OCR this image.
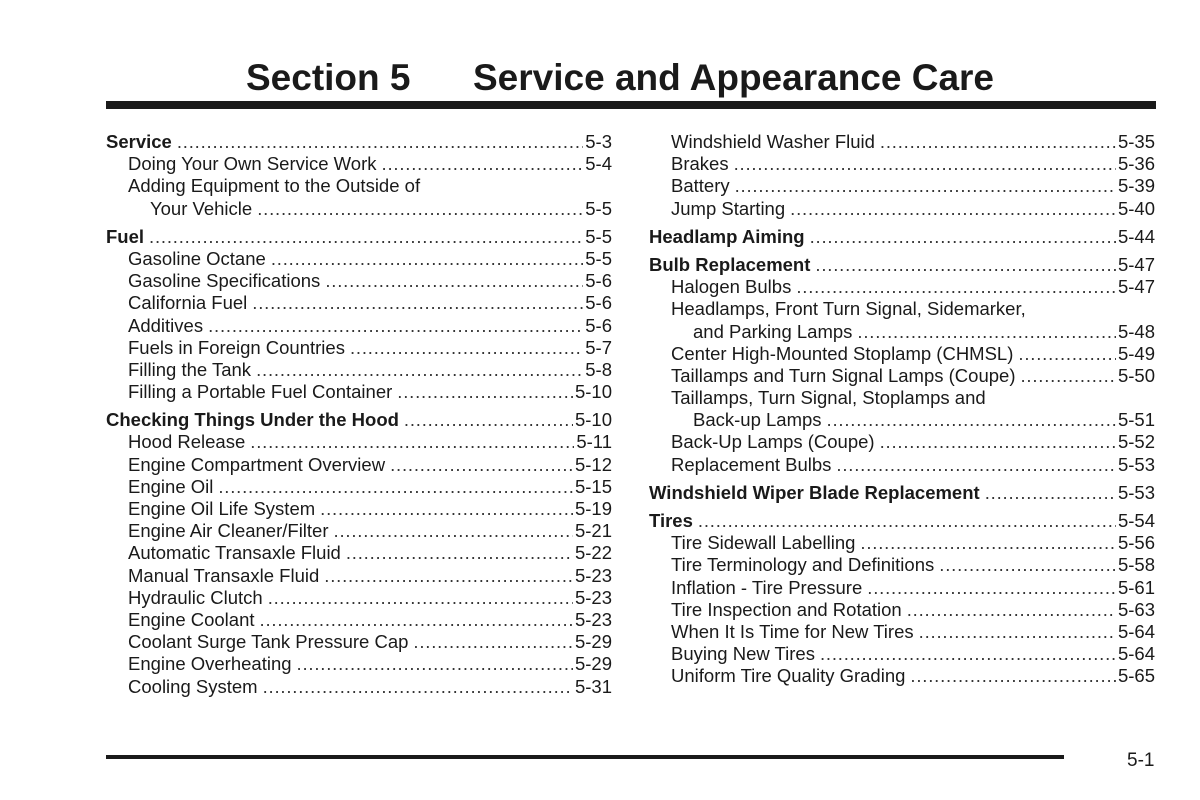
Section 5 Service and Appearance Care
Service .....	5-3
Doing Your Own Service Work .....	5-4
Adding Equipment to the Outside of
Your Vehicle .....	5-5
Fuel .....	5-5
Gasoline Octane .....	5-5
Gasoline Specifications .....	5-6
California Fuel .....	5-6
Additives .....	5-6
Fuels in Foreign Countries .....	5-7
Filling the Tank .....	5-8
Filling a Portable Fuel Container .....	5-10
Checking Things Under the Hood .....	5-10
Hood Release .....	5-11
Engine Compartment Overview .....	5-12
Engine Oil .....	5-15
Engine Oil Life System .....	5-19
Engine Air Cleaner/Filter .....	5-21
Automatic Transaxle Fluid .....	5-22
Manual Transaxle Fluid .....	5-23
Hydraulic Clutch .....	5-23
Engine Coolant .....	5-23
Coolant Surge Tank Pressure Cap .....	5-29
Engine Overheating .....	5-29
Cooling System .....	5-31
Windshield Washer Fluid .....	5-35
Brakes .....	5-36
Battery .....	5-39
Jump Starting .....	5-40
Headlamp Aiming .....	5-44
Bulb Replacement .....	5-47
Halogen Bulbs .....	5-47
Headlamps, Front Turn Signal, Sidemarker,
and Parking Lamps .....	5-48
Center High-Mounted Stoplamp (CHMSL) .....	5-49
Taillamps and Turn Signal Lamps (Coupe) .....	5-50
Taillamps, Turn Signal, Stoplamps and
Back-up Lamps .....	5-51
Back-Up Lamps (Coupe) .....	5-52
Replacement Bulbs .....	5-53
Windshield Wiper Blade Replacement .....	5-53
Tires .....	5-54
Tire Sidewall Labelling .....	5-56
Tire Terminology and Definitions .....	5-58
Inflation - Tire Pressure .....	5-61
Tire Inspection and Rotation .....	5-63
When It Is Time for New Tires .....	5-64
Buying New Tires .....	5-64
Uniform Tire Quality Grading .....	5-65
5-1
